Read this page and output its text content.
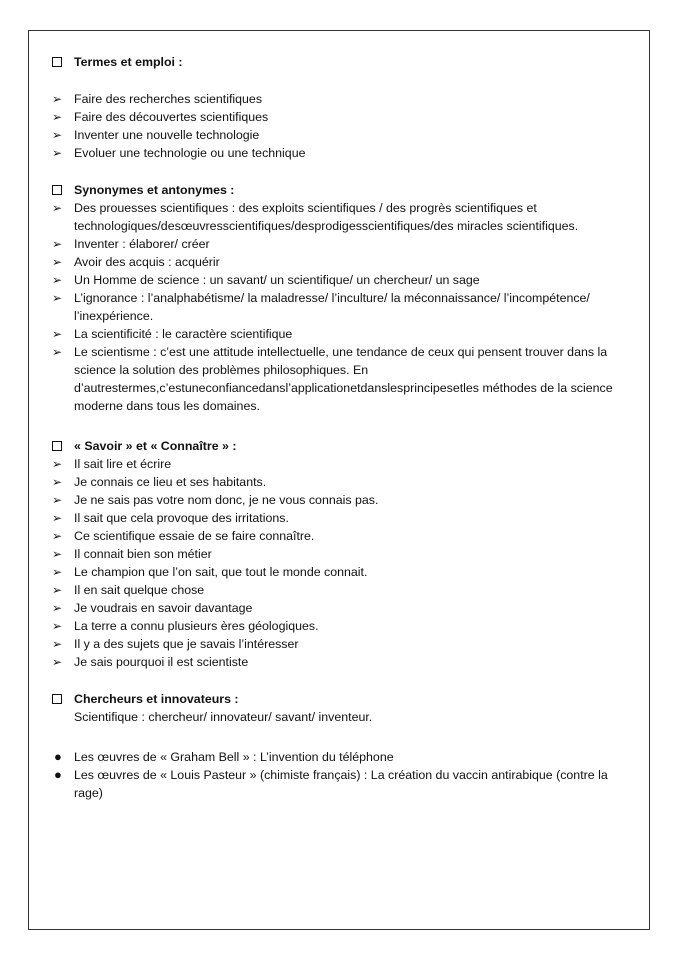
Termes et emploi :
➢ Faire des recherches scientifiques
➢ Faire des découvertes scientifiques
➢ Inventer une nouvelle technologie
➢ Evoluer une technologie ou une technique
Synonymes et antonymes :
➢ Des prouesses scientifiques : des exploits scientifiques / des progrès scientifiques et technologiques/desœuvresscientifiques/desprodigesscientifiques/des miracles scientifiques.
➢ Inventer : élaborer/ créer
➢ Avoir des acquis : acquérir
➢ Un Homme de science : un savant/ un scientifique/ un chercheur/ un sage
➢ L’ignorance : l’analphabétisme/ la maladresse/ l’inculture/ la méconnaissance/ l’incompétence/ l’inexpérience.
➢ La scientificité : le caractère scientifique
➢ Le scientisme : c’est une attitude intellectuelle, une tendance de ceux qui pensent trouver dans la science la solution des problèmes philosophiques. En d’autrestermes,c’estuneconfiancedansl’applicationetdanslesprincipesetles méthodes de la science moderne dans tous les domaines.
« Savoir » et « Connaître » :
➢ Il sait lire et écrire
➢ Je connais ce lieu et ses habitants.
➢ Je ne sais pas votre nom donc, je ne vous connais pas.
➢ Il sait que cela provoque des irritations.
➢ Ce scientifique essaie de se faire connaître.
➢ Il connait bien son métier
➢ Le champion que l’on sait, que tout le monde connait.
➢ Il en sait quelque chose
➢ Je voudrais en savoir davantage
➢ La terre a connu plusieurs ères géologiques.
➢ Il y a des sujets que je savais l’intéresser
➢ Je sais pourquoi il est scientiste
Chercheurs et innovateurs :
Scientifique : chercheur/ innovateur/ savant/ inventeur.
● Les œuvres de « Graham Bell » : L’invention du téléphone
● Les œuvres de « Louis Pasteur » (chimiste français) : La création du vaccin antirabique (contre la rage)
